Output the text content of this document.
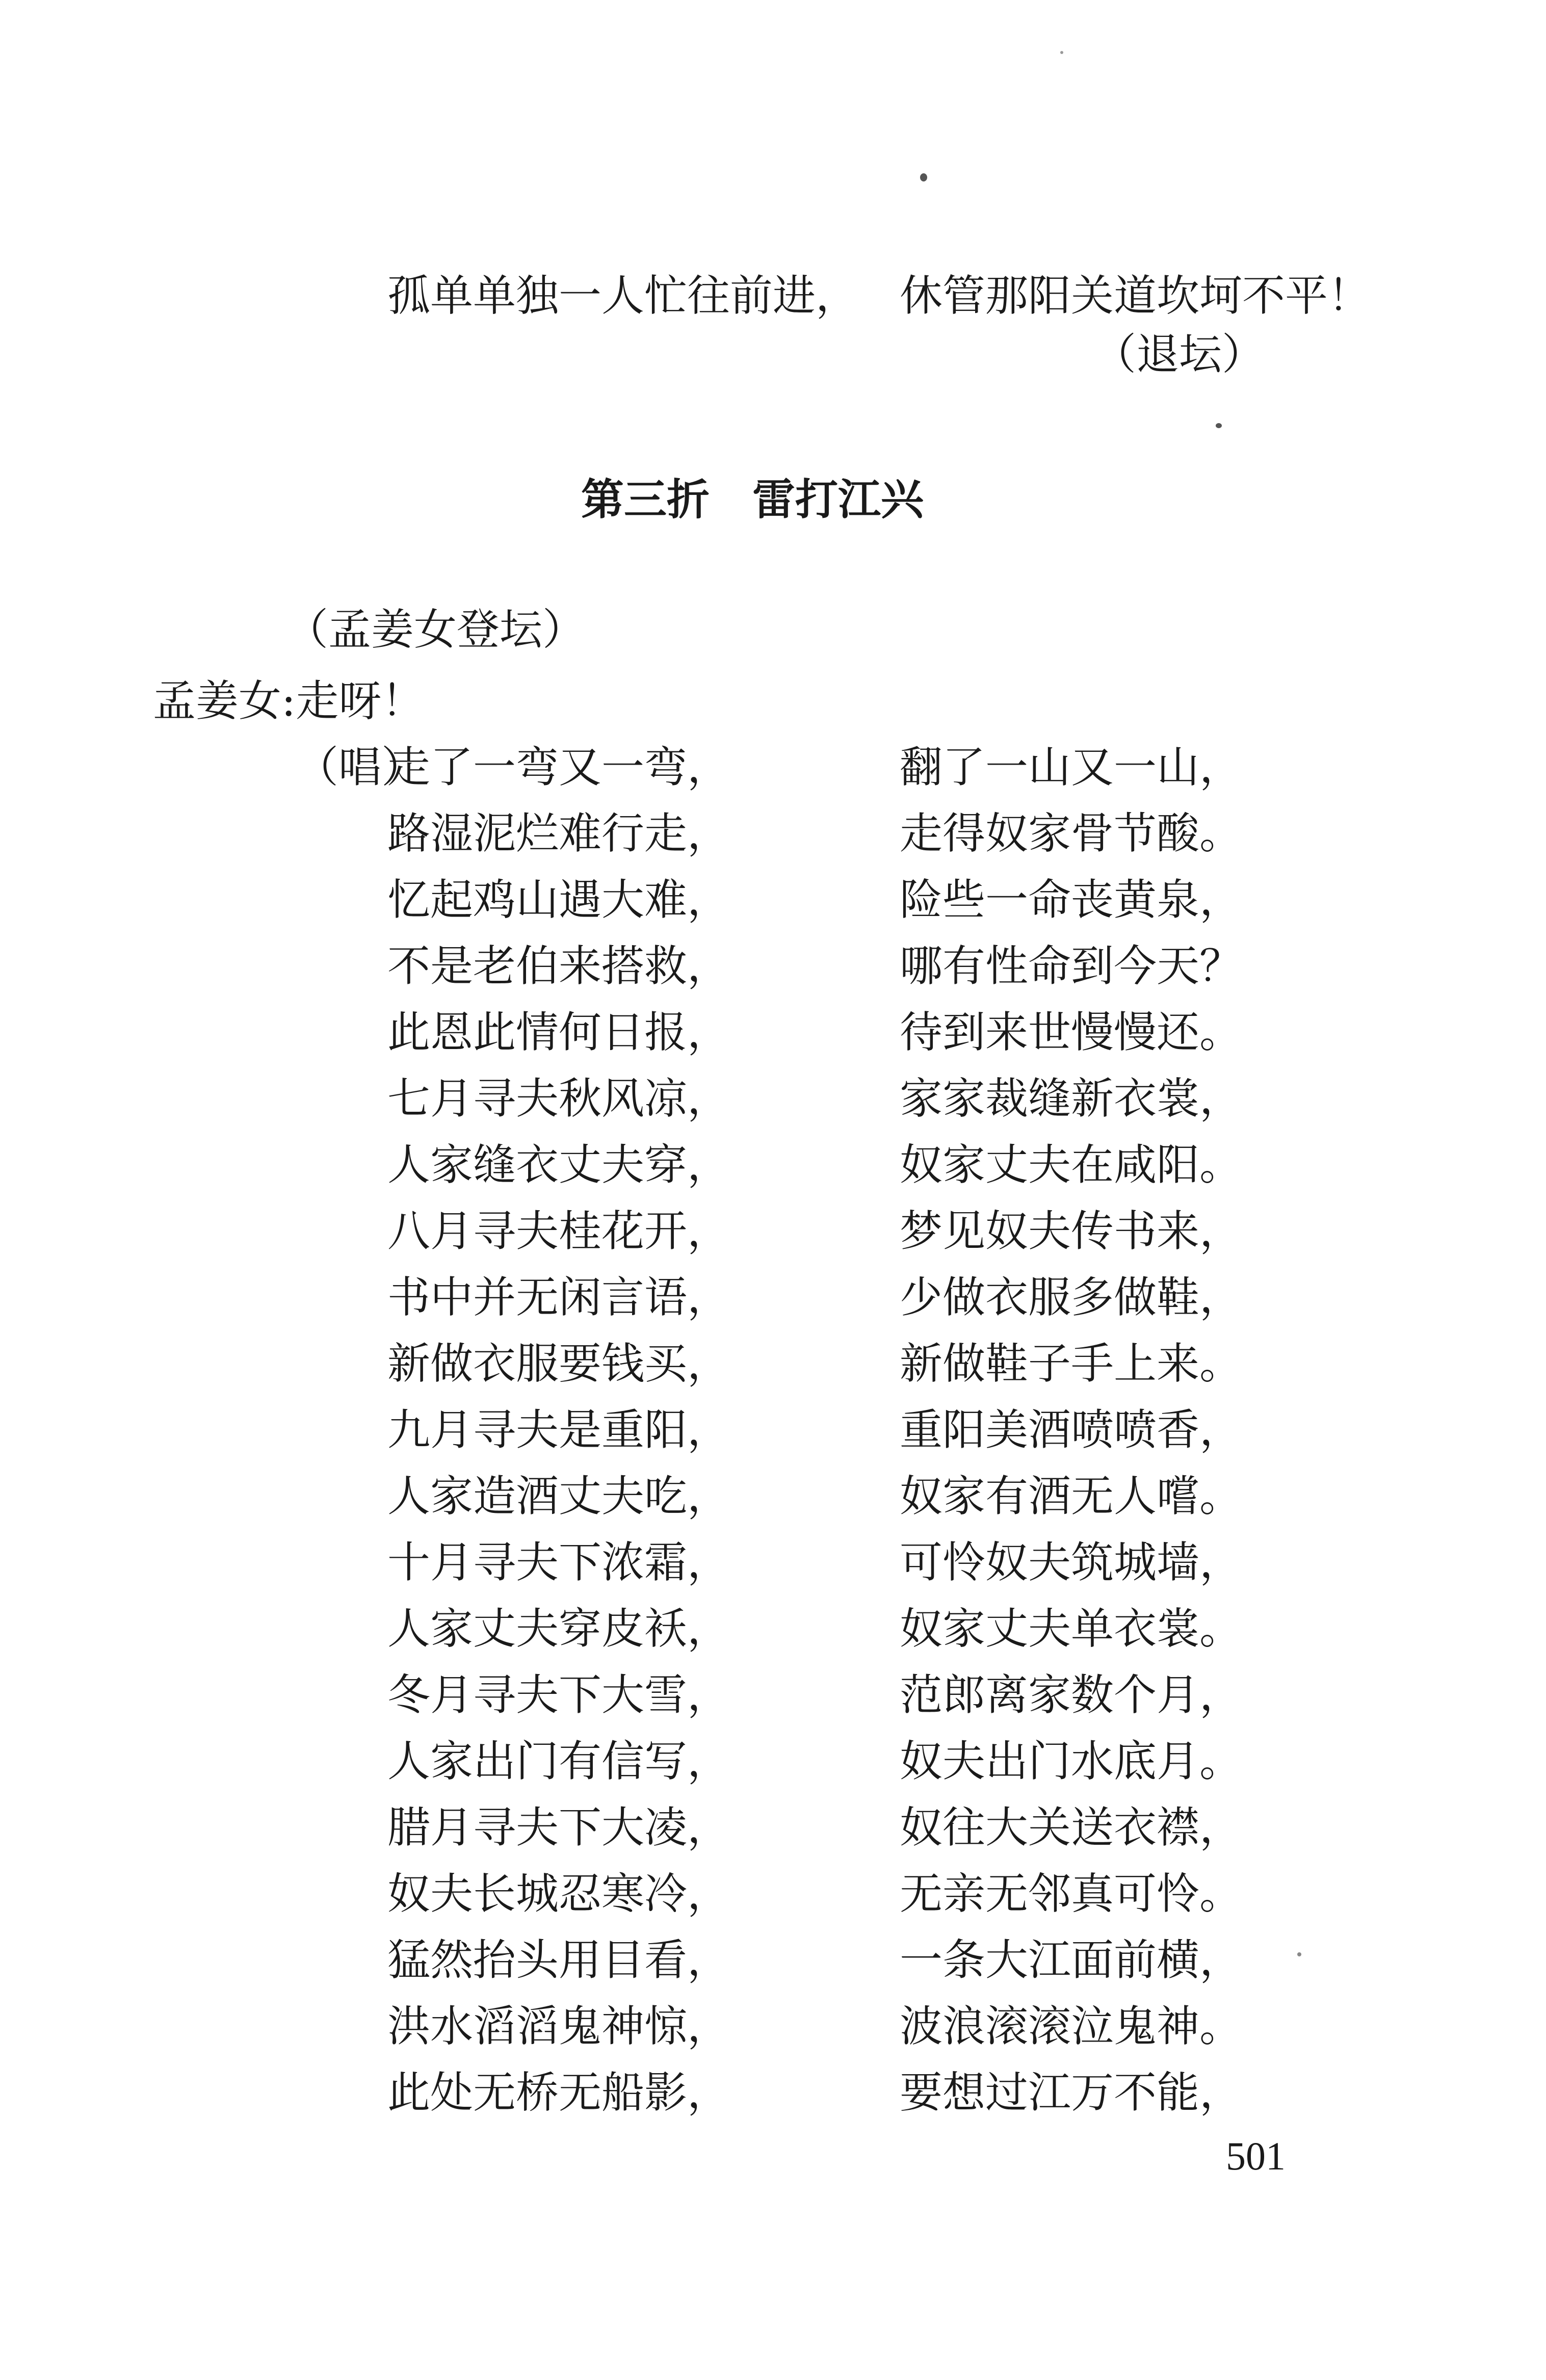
孤单单独一人忙往前进， 休管那阳关道坎坷不平！
（退坛）
第三折　雷打江兴
（孟姜女登坛）
孟姜女:走呀！
（唱）
走了一弯又一弯，	翻了一山又一山，
路湿泥烂难行走，	走得奴家骨节酸。
忆起鸡山遇大难，	险些一命丧黄泉，
不是老伯来搭救，	哪有性命到今天？
此恩此情何日报，	待到来世慢慢还。
七月寻夫秋风凉，	家家裁缝新衣裳，
人家缝衣丈夫穿，	奴家丈夫在咸阳。
八月寻夫桂花开，	梦见奴夫传书来，
书中并无闲言语，	少做衣服多做鞋，
新做衣服要钱买，	新做鞋子手上来。
九月寻夫是重阳，	重阳美酒喷喷香，
人家造酒丈夫吃，	奴家有酒无人嚐。
十月寻夫下浓霜，	可怜奴夫筑城墙，
人家丈夫穿皮袄，	奴家丈夫单衣裳。
冬月寻夫下大雪，	范郎离家数个月，
人家出门有信写，	奴夫出门水底月。
腊月寻夫下大凌，	奴往大关送衣襟，
奴夫长城忍寒冷，	无亲无邻真可怜。
猛然抬头用目看，	一条大江面前横，
洪水滔滔鬼神惊，	波浪滚滚泣鬼神。
此处无桥无船影，	要想过江万不能，
501
